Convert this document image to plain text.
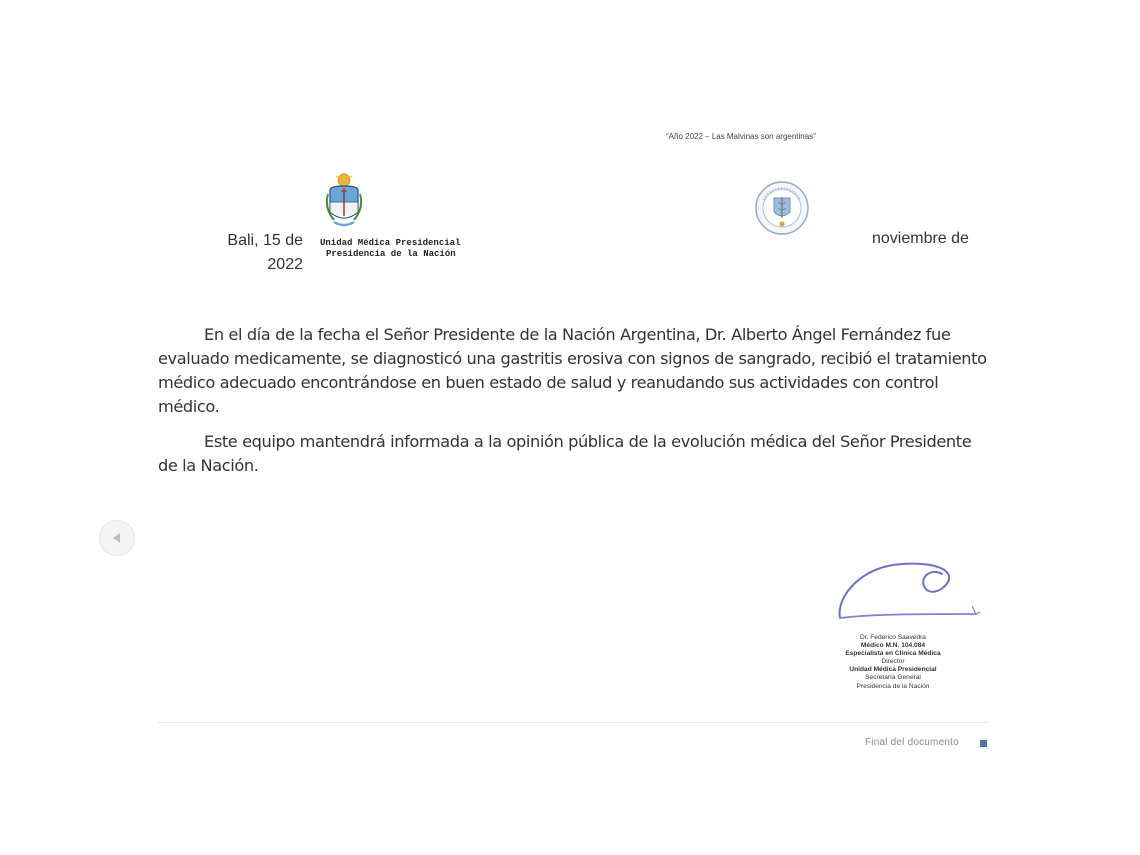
“Año 2022 – Las Malvinas son argentinas”
Unidad Médica Presidencial
Presidencia de la Nación
Bali, 15 de
2022
noviembre de

En el día de la fecha el Señor Presidente de la Nación Argentina, Dr. Alberto Ángel Fernández fue evaluado medicamente, se diagnosticó una gastritis erosiva con signos de sangrado, recibió el tratamiento médico adecuado encontrándose en buen estado de salud y reanudando sus actividades con control médico.

Este equipo mantendrá informada a la opinión pública de la evolución médica del Señor Presidente de la Nación.

Dr. Federico Saavedra
Médico M.N. 104.084
Especialista en Clínica Médica
Director
Unidad Médica Presidencial
Secretaría General
Presidencia de la Nación
Final del documento
